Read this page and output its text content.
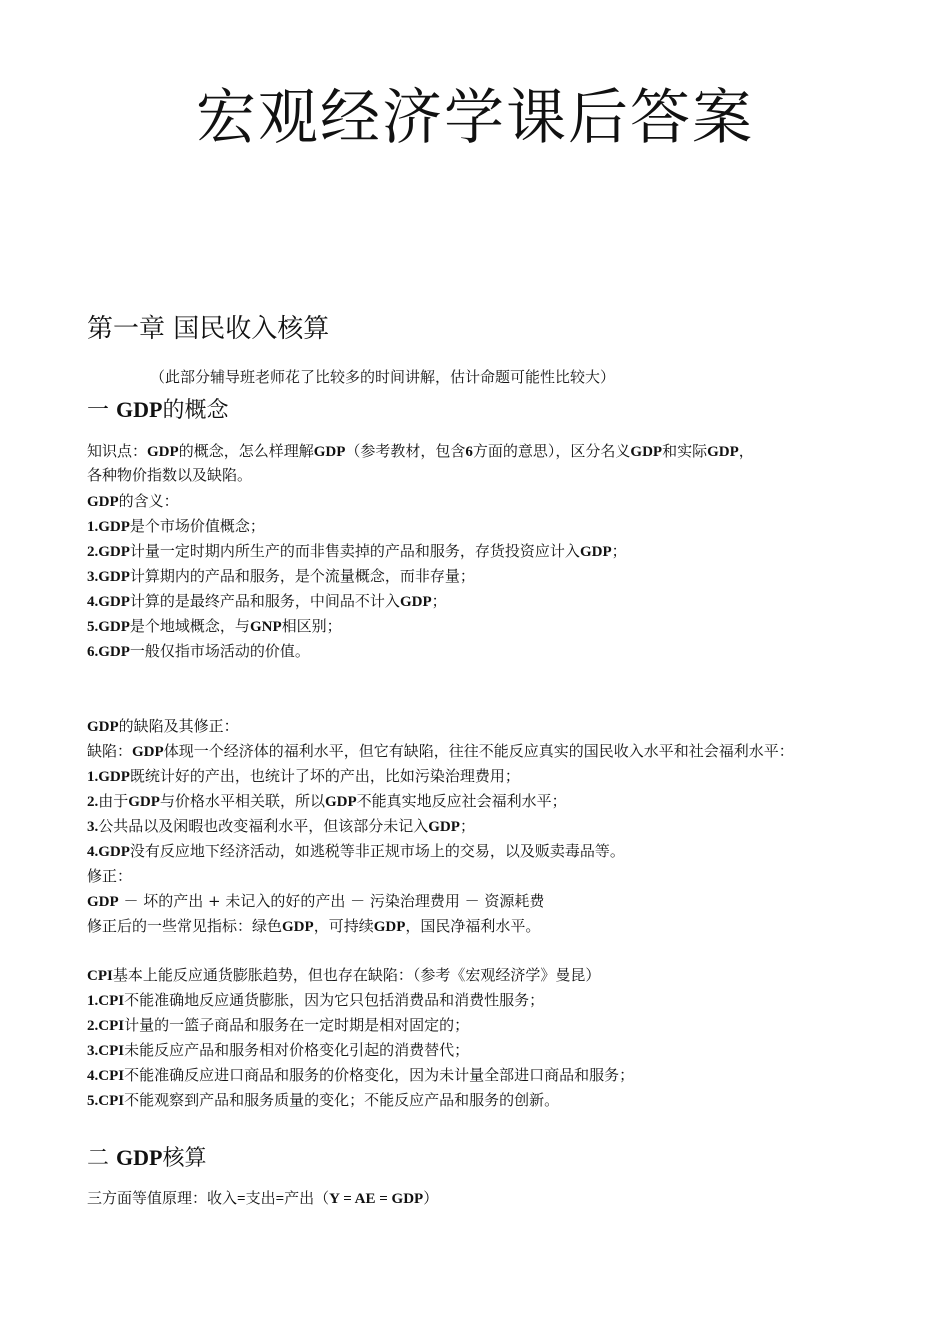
宏观经济学课后答案
第一章 国民收入核算
（此部分辅导班老师花了比较多的时间讲解，估计命题可能性比较大）
一 GDP的概念
知识点：GDP的概念，怎么样理解GDP（参考教材，包含6方面的意思），区分名义GDP和实际GDP，
各种物价指数以及缺陷。
GDP的含义：
1.GDP是个市场价值概念；
2.GDP计量一定时期内所生产的而非售卖掉的产品和服务，存货投资应计入GDP；
3.GDP计算期内的产品和服务，是个流量概念，而非存量；
4.GDP计算的是最终产品和服务，中间品不计入GDP；
5.GDP是个地域概念，与GNP相区别；
6.GDP一般仅指市场活动的价值。
GDP的缺陷及其修正：
缺陷：GDP体现一个经济体的福利水平，但它有缺陷，往往不能反应真实的国民收入水平和社会福利水平：
1.GDP既统计好的产出，也统计了坏的产出，比如污染治理费用；
2.由于GDP与价格水平相关联，所以GDP不能真实地反应社会福利水平；
3.公共品以及闲暇也改变福利水平，但该部分未记入GDP；
4.GDP没有反应地下经济活动，如逃税等非正规市场上的交易，以及贩卖毒品等。
修正：
GDP － 坏的产出 + 未记入的好的产出 － 污染治理费用 － 资源耗费
修正后的一些常见指标：绿色GDP，可持续GDP，国民净福利水平。
CPI基本上能反应通货膨胀趋势，但也存在缺陷：（参考《宏观经济学》曼昆）
1.CPI不能准确地反应通货膨胀，因为它只包括消费品和消费性服务；
2.CPI计量的一篮子商品和服务在一定时期是相对固定的；
3.CPI未能反应产品和服务相对价格变化引起的消费替代；
4.CPI不能准确反应进口商品和服务的价格变化，因为未计量全部进口商品和服务；
5.CPI不能观察到产品和服务质量的变化；不能反应产品和服务的创新。
二 GDP核算
三方面等值原理：收入=支出=产出（Y = AE = GDP）
